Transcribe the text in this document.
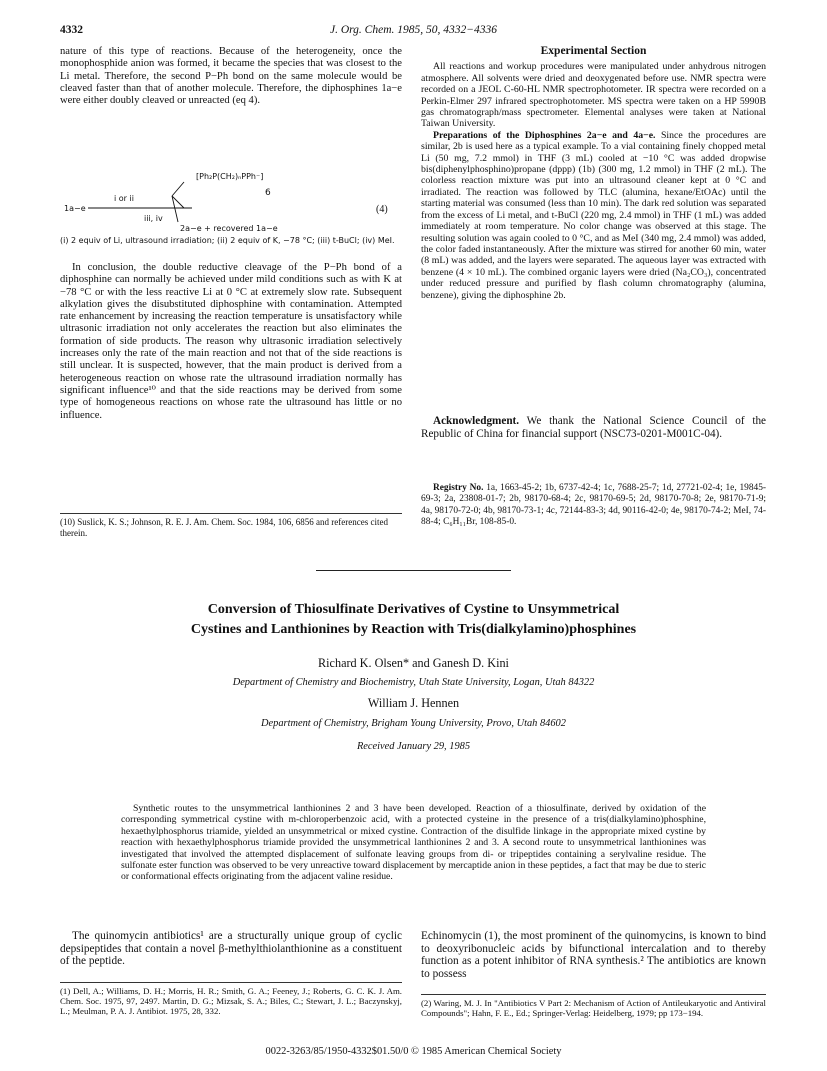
4332	J. Org. Chem. 1985, 50, 4332−4336

nature of this type of reactions. Because of the heterogeneity, once the monophosphide anion was formed, it became the species that was closest to the Li metal. Therefore, the second P−Ph bond on the same molecule would be cleaved faster than that of another molecule. Therefore, the diphosphines 1a−e were either doubly cleaved or unreacted (eq 4).

[Ph₂P(CH₂)ₙPPh⁻]
6
1a−e
i or ii
iii, iv
(4)
2a−e + recovered 1a−e
(i) 2 equiv of Li, ultrasound irradiation; (ii) 2 equiv of K, −78 °C; (iii) t-BuCl; (iv) MeI.

In conclusion, the double reductive cleavage of the P−Ph bond of a diphosphine can normally be achieved under mild conditions such as with K at −78 °C or with the less reactive Li at 0 °C at extremely slow rate. Subsequent alkylation gives the disubstituted diphosphine with contamination. Attempted rate enhancement by increasing the reaction temperature is unsatisfactory while ultrasonic irradiation not only accelerates the reaction but also eliminates the formation of side products. The reason why ultrasonic irradiation selectively increases only the rate of the main reaction and not that of the side reactions is still unclear. It is suspected, however, that the main product is derived from a heterogeneous reaction on whose rate the ultrasound irradiation normally has significant influence¹⁰ and that the side reactions may be derived from some type of homogeneous reactions on whose rate the ultrasound has little or no influence.

(10) Suslick, K. S.; Johnson, R. E. J. Am. Chem. Soc. 1984, 106, 6856 and references cited therein.

Experimental Section

All reactions and workup procedures were manipulated under anhydrous nitrogen atmosphere. All solvents were dried and deoxygenated before use. NMR spectra were recorded on a JEOL C-60-HL NMR spectrophotometer. IR spectra were recorded on a Perkin-Elmer 297 infrared spectrophotometer. MS spectra were taken on a HP 5990B gas chromatograph/mass spectrometer. Elemental analyses were taken at National Taiwan University.

Preparations of the Diphosphines 2a−e and 4a−e. Since the procedures are similar, 2b is used here as a typical example. To a vial containing finely chopped metal Li (50 mg, 7.2 mmol) in THF (3 mL) cooled at −10 °C was added dropwise bis(diphenylphosphino)propane (dppp) (1b) (300 mg, 1.2 mmol) in THF (2 mL). The colorless reaction mixture was put into an ultrasound cleaner kept at 0 °C and irradiated. The reaction was followed by TLC (alumina, hexane/EtOAc) until the starting material was consumed (less than 10 min). The dark red solution was separated from the excess of Li metal, and t-BuCl (220 mg, 2.4 mmol) in THF (1 mL) was added immediately at room temperature. No color change was observed at this stage. The resulting solution was again cooled to 0 °C, and as MeI (340 mg, 2.4 mmol) was added, the color faded instantaneously. After the mixture was stirred for another 60 min, water (8 mL) was added, and the layers were separated. The aqueous layer was extracted with benzene (4 × 10 mL). The combined organic layers were dried (Na₂CO₃), concentrated under reduced pressure and purified by flash column chromatography (alumina, benzene), giving the diphosphine 2b.

Acknowledgment. We thank the National Science Council of the Republic of China for financial support (NSC73-0201-M001C-04).
Registry No. 1a, 1663-45-2; 1b, 6737-42-4; 1c, 7688-25-7; 1d, 27721-02-4; 1e, 19845-69-3; 2a, 23808-01-7; 2b, 98170-68-4; 2c, 98170-69-5; 2d, 98170-70-8; 2e, 98170-71-9; 4a, 98170-72-0; 4b, 98170-73-1; 4c, 72144-83-3; 4d, 90116-42-0; 4e, 98170-74-2; MeI, 74-88-4; C₆H₁₁Br, 108-85-0.
Conversion of Thiosulfinate Derivatives of Cystine to Unsymmetrical
Cystines and Lanthionines by Reaction with Tris(dialkylamino)phosphines
Richard K. Olsen* and Ganesh D. Kini
Department of Chemistry and Biochemistry, Utah State University, Logan, Utah 84322
William J. Hennen
Department of Chemistry, Brigham Young University, Provo, Utah 84602
Received January 29, 1985
Synthetic routes to the unsymmetrical lanthionines 2 and 3 have been developed. Reaction of a thiosulfinate, derived by oxidation of the corresponding symmetrical cystine with m-chloroperbenzoic acid, with a protected cysteine in the presence of a tris(dialkylamino)phosphine, hexaethylphosphorus triamide, yielded an unsymmetrical or mixed cystine. Contraction of the disulfide linkage in the appropriate mixed cystine by reaction with hexaethylphosphorus triamide provided the unsymmetrical lanthionines 2 and 3. A second route to unsymmetrical lanthionines was investigated that involved the attempted displacement of sulfonate leaving groups from di- or tripeptides containing a serylvaline residue. The sulfonate ester function was observed to be very unreactive toward displacement by mercaptide anion in these peptides, a fact that may be due to steric or conformational effects originating from the adjacent valine residue.
The quinomycin antibiotics¹ are a structurally unique group of cyclic depsipeptides that contain a novel β-methylthiolanthionine as a constituent of the peptide.
Echinomycin (1), the most prominent of the quinomycins, is known to bind to deoxyribonucleic acids by bifunctional intercalation and to thereby function as a potent inhibitor of RNA synthesis.² The antibiotics are known to possess
(1) Dell, A.; Williams, D. H.; Morris, H. R.; Smith, G. A.; Feeney, J.; Roberts, G. C. K. J. Am. Chem. Soc. 1975, 97, 2497. Martin, D. G.; Mizsak, S. A.; Biles, C.; Stewart, J. L.; Baczynskyj, L.; Meulman, P. A. J. Antibiot. 1975, 28, 332.
(2) Waring, M. J. In "Antibiotics V Part 2: Mechanism of Action of Antileukaryotic and Antiviral Compounds"; Hahn, F. E., Ed.; Springer-Verlag: Heidelberg, 1979; pp 173−194.
0022-3263/85/1950-4332$01.50/0 © 1985 American Chemical Society
